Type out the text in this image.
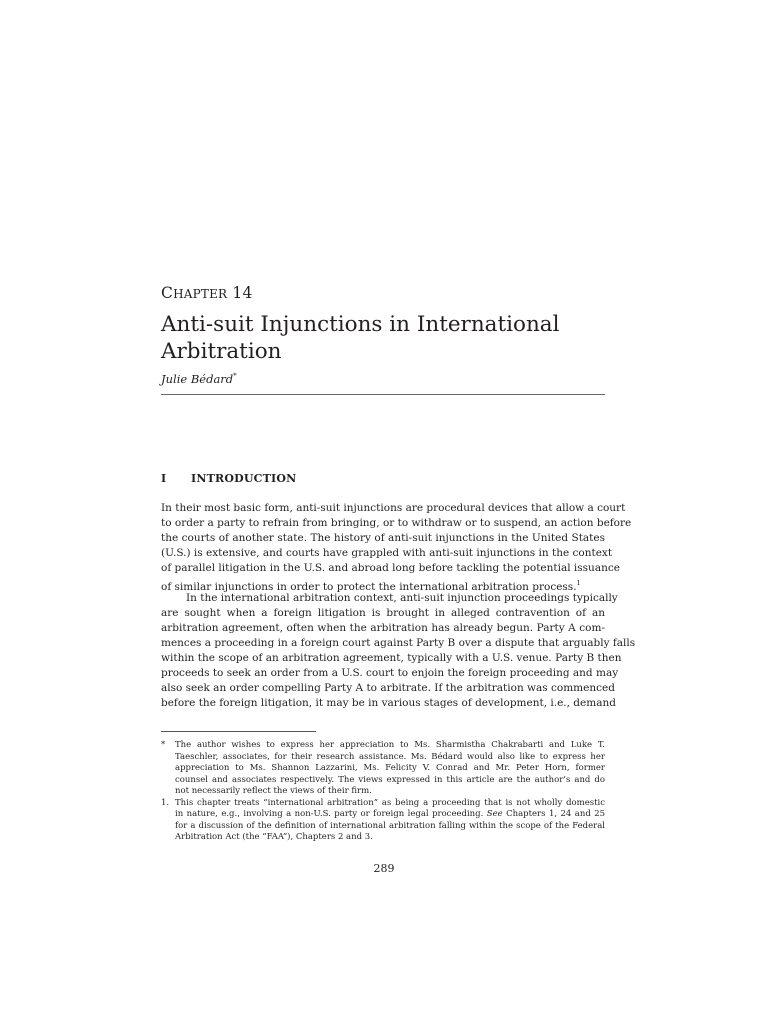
CHAPTER 14
Anti-suit Injunctions in International
Arbitration
Julie Bédard*
I INTRODUCTION
In their most basic form, anti-suit injunctions are procedural devices that allow a court
to order a party to refrain from bringing, or to withdraw or to suspend, an action before
the courts of another state. The history of anti-suit injunctions in the United States
(U.S.) is extensive, and courts have grappled with anti-suit injunctions in the context
of parallel litigation in the U.S. and abroad long before tackling the potential issuance
of similar injunctions in order to protect the international arbitration process.$^1$
In the international arbitration context, anti-suit injunction proceedings typically
are sought when a foreign litigation is brought in alleged contravention of an
arbitration agreement, often when the arbitration has already begun. Party A com-
mences a proceeding in a foreign court against Party B over a dispute that arguably falls
within the scope of an arbitration agreement, typically with a U.S. venue. Party B then
proceeds to seek an order from a U.S. court to enjoin the foreign proceeding and may
also seek an order compelling Party A to arbitrate. If the arbitration was commenced
before the foreign litigation, it may be in various stages of development, i.e., demand
* The author wishes to express her appreciation to Ms. Sharmistha Chakrabarti and Luke T.
Taeschler, associates, for their research assistance. Ms. Bédard would also like to express her
appreciation to Ms. Shannon Lazzarini, Ms. Felicity V. Conrad and Mr. Peter Horn, former
counsel and associates respectively. The views expressed in this article are the author’s and do
not necessarily reflect the views of their firm.
1. This chapter treats “international arbitration” as being a proceeding that is not wholly domestic
in nature, e.g., involving a non-U.S. party or foreign legal proceeding. See Chapters 1, 24 and 25
for a discussion of the definition of international arbitration falling within the scope of the Federal
Arbitration Act (the “FAA”), Chapters 2 and 3.
289
